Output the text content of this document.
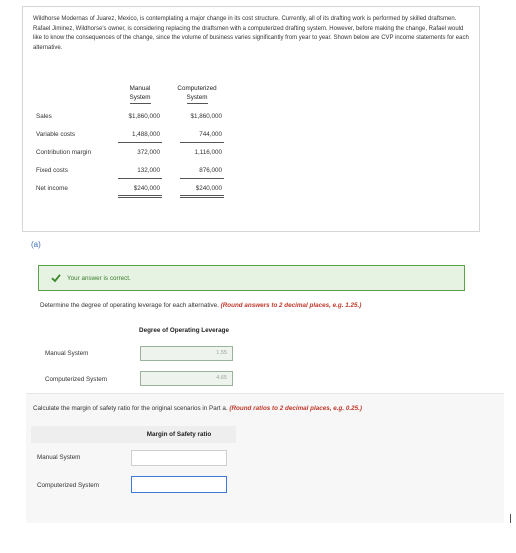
Wildhorse Modernas of Juarez, Mexico, is contemplating a major change in its cost structure. Currently, all of its drafting work is performed by skilled draftsmen. Rafael Jiminez, Wildhorse's owner, is considering replacing the draftsmen with a computerized drafting system. However, before making the change, Rafael would like to know the consequences of the change, since the volume of business varies significantly from year to year. Shown below are CVP income statements for each alternative.
Manual
System
Computerized
System
Sales	$1,860,000	$1,860,000
Variable costs	1,488,000	744,000
Contribution margin	372,000	1,116,000
Fixed costs	132,000	876,000
Net income	$240,000	$240,000
(a)
Your answer is correct.
Determine the degree of operating leverage for each alternative. (Round answers to 2 decimal places, e.g. 1.25.)
Degree of Operating Leverage
Manual System	1.55
Computerized System	4.65
Calculate the margin of safety ratio for the original scenarios in Part a. (Round ratios to 2 decimal places, e.g. 0.25.)
Margin of Safety ratio
Manual System
Computerized System
